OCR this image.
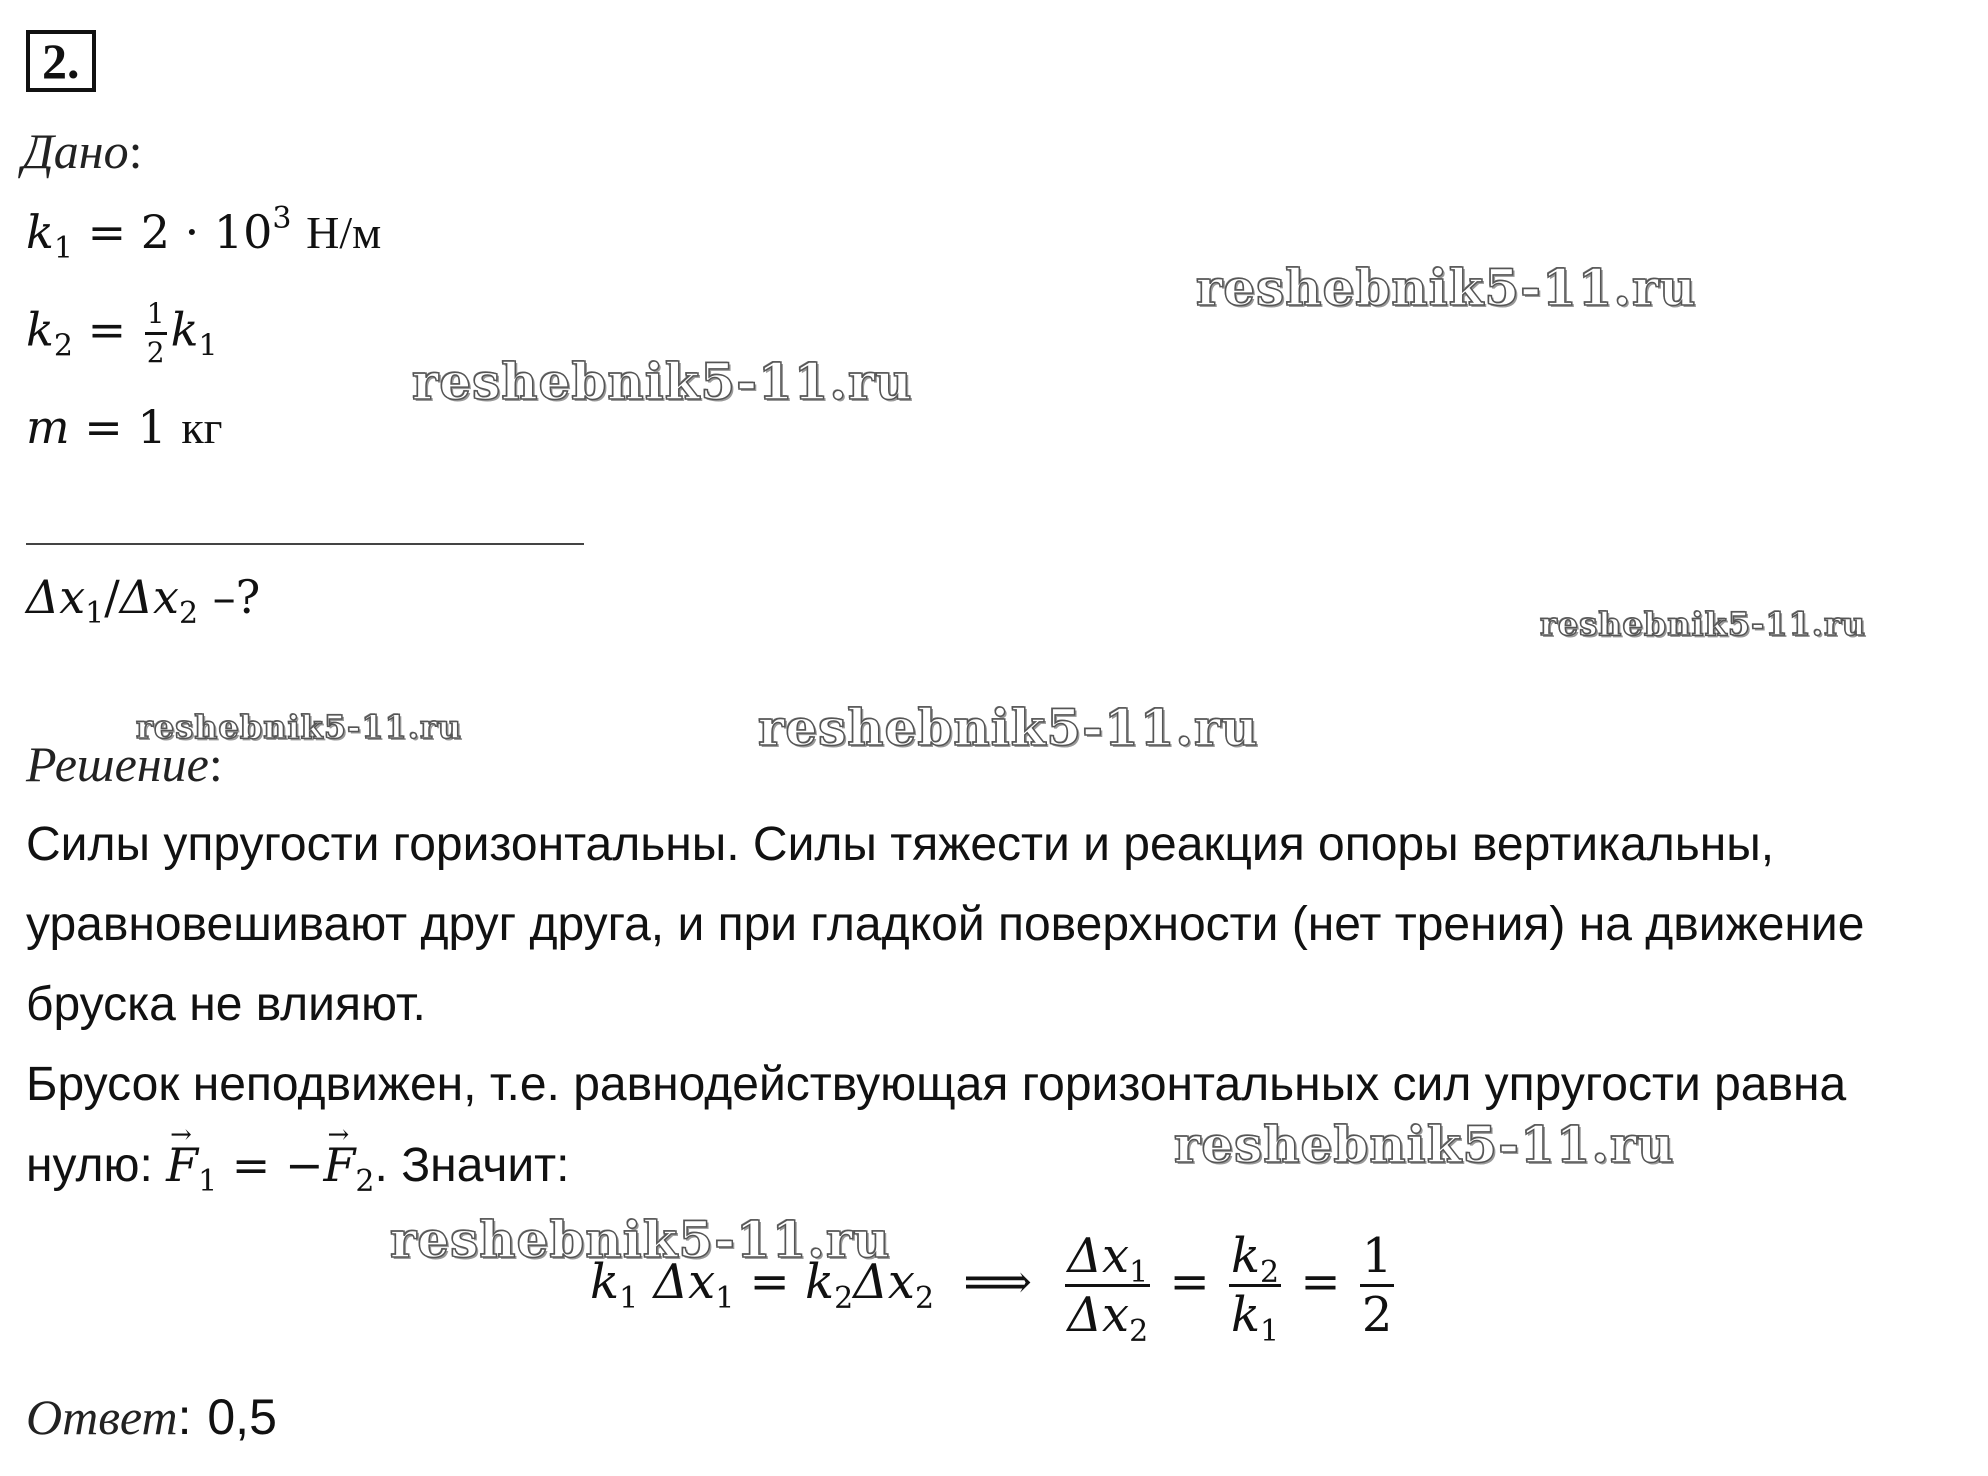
2.
Дано:
$k_1 = 2 \cdot 10^3$ Н/м
$k_2 = \frac{1}{2} k_1$
m = 1 кг
$\Delta x_1/\Delta x_2$ –?
Решение:
Силы упругости горизонтальны. Силы тяжести и реакция опоры вертикальны, уравновешивают друг друга, и при гладкой поверхности (нет трения) на движение бруска не влияют.
Брусок неподвижен, т.е. равнодействующая горизонтальных сил упругости равна нулю: → $F_1$ = −→ $F_2$. Значит:
$k_1$ $\Delta x_1 = k_2\Delta x_2$ ⟹ $\frac{\Delta x_1}{\Delta x_2} = \frac{k_2}{k_1} = \frac{1}{2}$
Ответ: 0,5
reshebnik5-11.ru
reshebnik5-11.ru
reshebnik5-11.ru
reshebnik5-11.ru	reshebnik5-11.ru
reshebnik5-11.ru
reshebnik5-11.ru
